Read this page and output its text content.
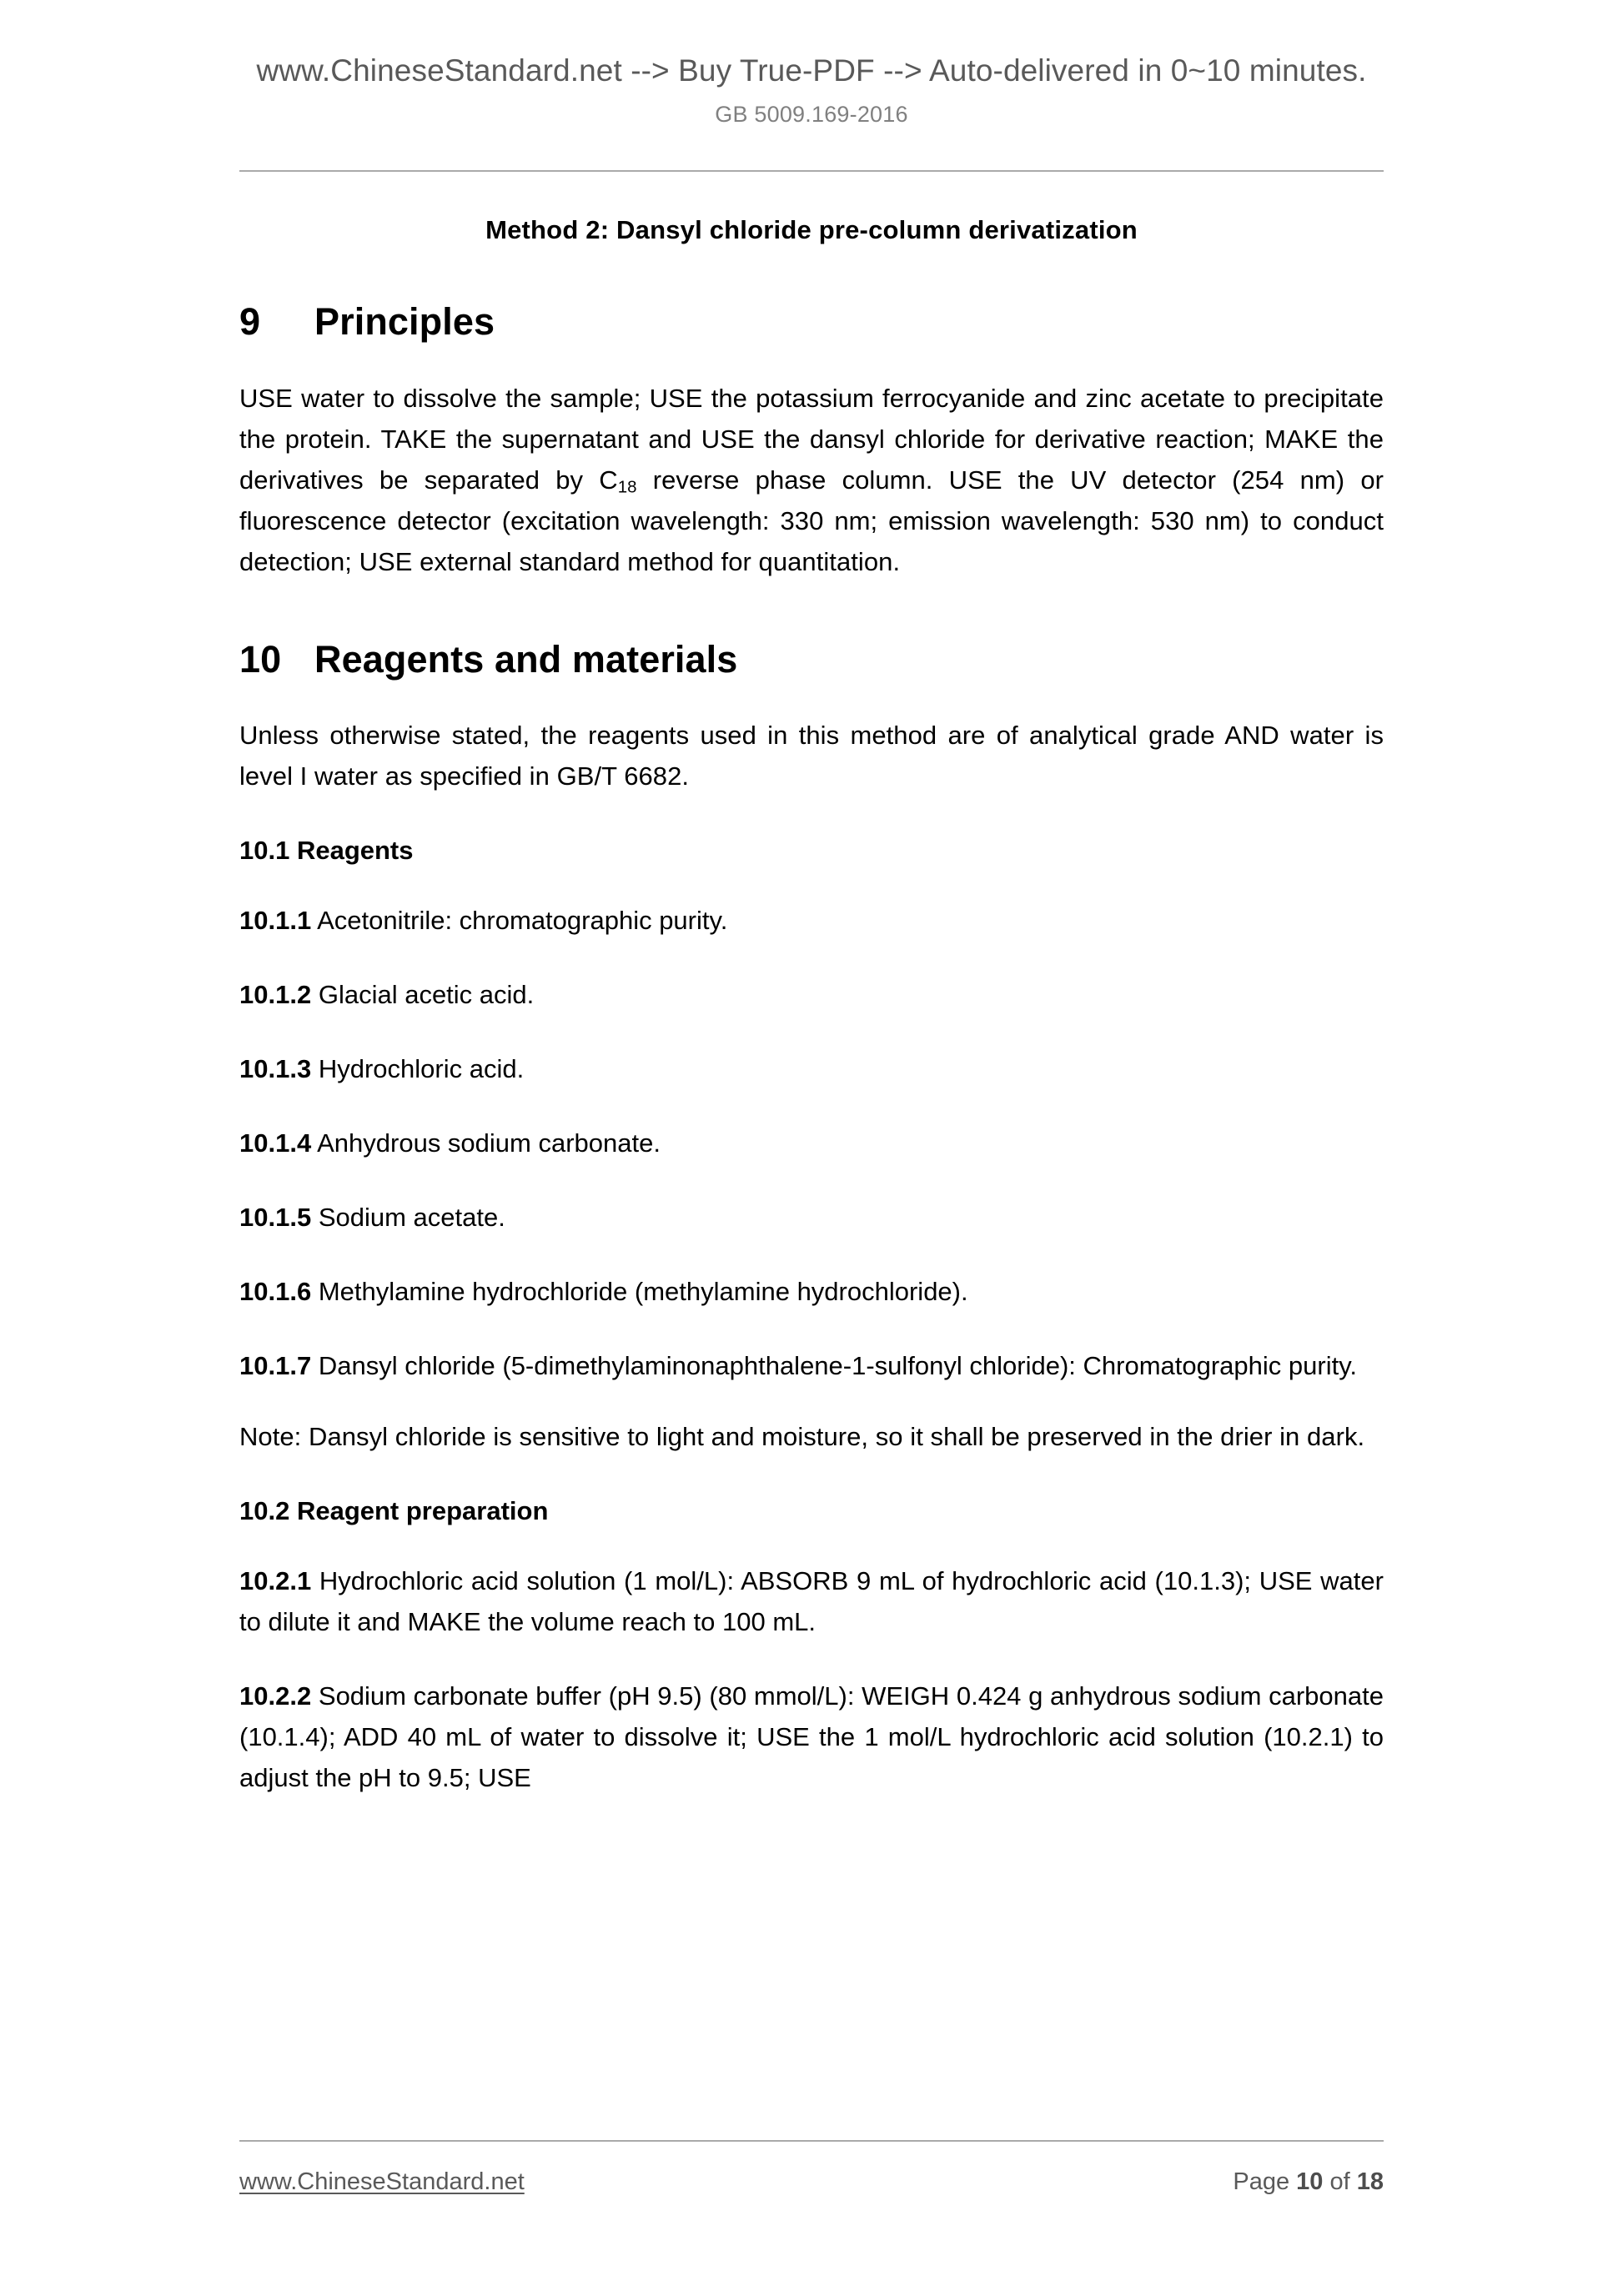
www.ChineseStandard.net --> Buy True-PDF --> Auto-delivered in 0~10 minutes.
GB 5009.169-2016
Method 2: Dansyl chloride pre-column derivatization
9 Principles

USE water to dissolve the sample; USE the potassium ferrocyanide and zinc acetate to precipitate the protein. TAKE the supernatant and USE the dansyl chloride for derivative reaction; MAKE the derivatives be separated by $C_{18}$ reverse phase column. USE the UV detector (254 nm) or fluorescence detector (excitation wavelength: 330 nm; emission wavelength: 530 nm) to conduct detection; USE external standard method for quantitation.

10 Reagents and materials

Unless otherwise stated, the reagents used in this method are of analytical grade AND water is level I water as specified in GB/T 6682.

10.1 Reagents

10.1.1 Acetonitrile: chromatographic purity.

10.1.2 Glacial acetic acid.

10.1.3 Hydrochloric acid.

10.1.4 Anhydrous sodium carbonate.

10.1.5 Sodium acetate.

10.1.6 Methylamine hydrochloride (methylamine hydrochloride).

10.1.7 Dansyl chloride (5-dimethylaminonaphthalene-1-sulfonyl chloride): Chromatographic purity.

Note: Dansyl chloride is sensitive to light and moisture, so it shall be preserved in the drier in dark.

10.2 Reagent preparation

10.2.1 Hydrochloric acid solution (1 mol/L): ABSORB 9 mL of hydrochloric acid (10.1.3); USE water to dilute it and MAKE the volume reach to 100 mL.

10.2.2 Sodium carbonate buffer (pH 9.5) (80 mmol/L): WEIGH 0.424 g anhydrous sodium carbonate (10.1.4); ADD 40 mL of water to dissolve it; USE the 1 mol/L hydrochloric acid solution (10.2.1) to adjust the pH to 9.5; USE

www.ChineseStandard.net	Page 10 of 18
